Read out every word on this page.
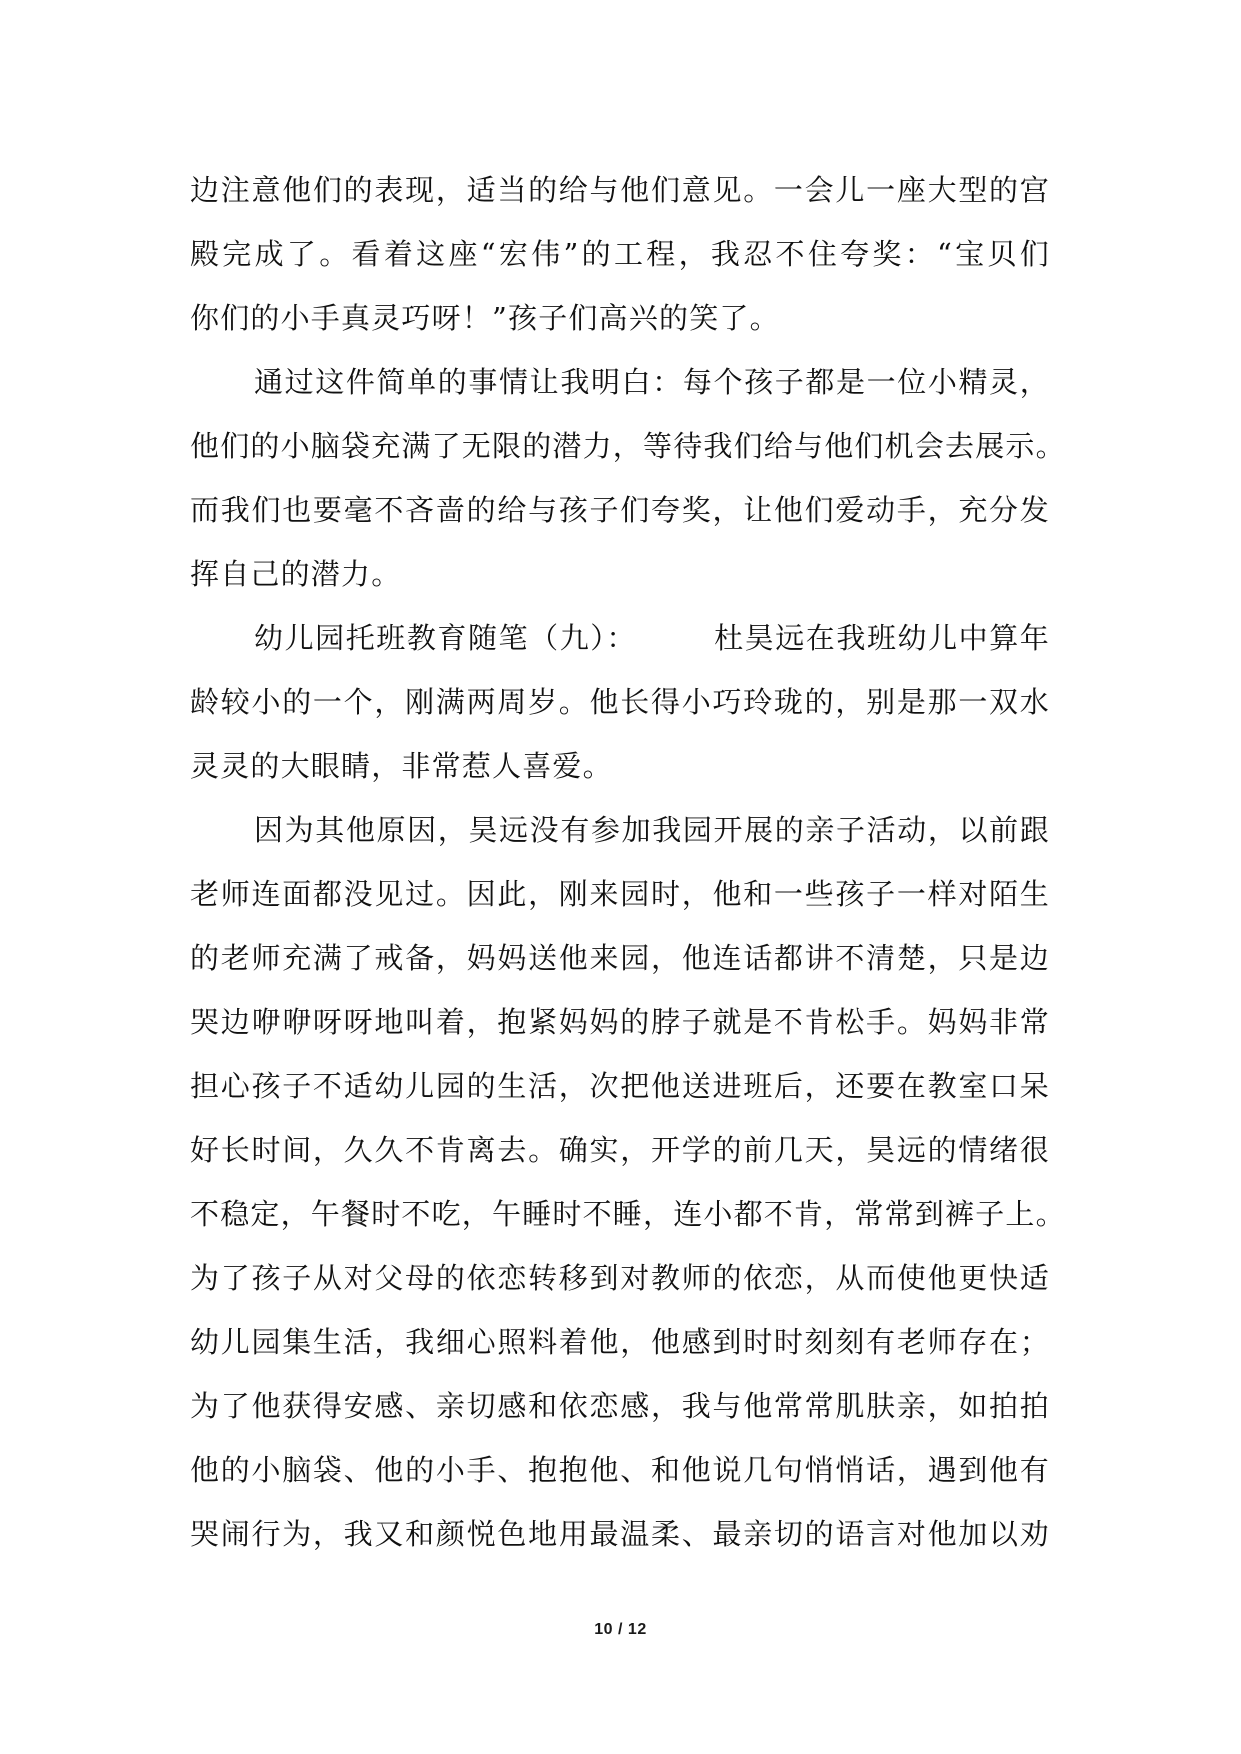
边注意他们的表现，适当的给与他们意见。一会儿一座大型的宫
殿完成了。看着这座“宏伟”的工程，我忍不住夸奖：“宝贝们
你们的小手真灵巧呀！”孩子们高兴的笑了。
通过这件简单的事情让我明白：每个孩子都是一位小精灵，
他们的小脑袋充满了无限的潜力，等待我们给与他们机会去展示。
而我们也要毫不吝啬的给与孩子们夸奖，让他们爱动手，充分发
挥自己的潜力。
幼儿园托班教育随笔（九）：　　　杜昊远在我班幼儿中算年
龄较小的一个，刚满两周岁。他长得小巧玲珑的，别是那一双水
灵灵的大眼睛，非常惹人喜爱。
因为其他原因，昊远没有参加我园开展的亲子活动，以前跟
老师连面都没见过。因此，刚来园时，他和一些孩子一样对陌生
的老师充满了戒备，妈妈送他来园，他连话都讲不清楚，只是边
哭边咿咿呀呀地叫着，抱紧妈妈的脖子就是不肯松手。妈妈非常
担心孩子不适幼儿园的生活，次把他送进班后，还要在教室口呆
好长时间，久久不肯离去。确实，开学的前几天，昊远的情绪很
不稳定，午餐时不吃，午睡时不睡，连小都不肯，常常到裤子上。
为了孩子从对父母的依恋转移到对教师的依恋，从而使他更快适
幼儿园集生活，我细心照料着他，他感到时时刻刻有老师存在；
为了他获得安感、亲切感和依恋感，我与他常常肌肤亲，如拍拍
他的小脑袋、他的小手、抱抱他、和他说几句悄悄话，遇到他有
哭闹行为，我又和颜悦色地用最温柔、最亲切的语言对他加以劝
10 / 12
